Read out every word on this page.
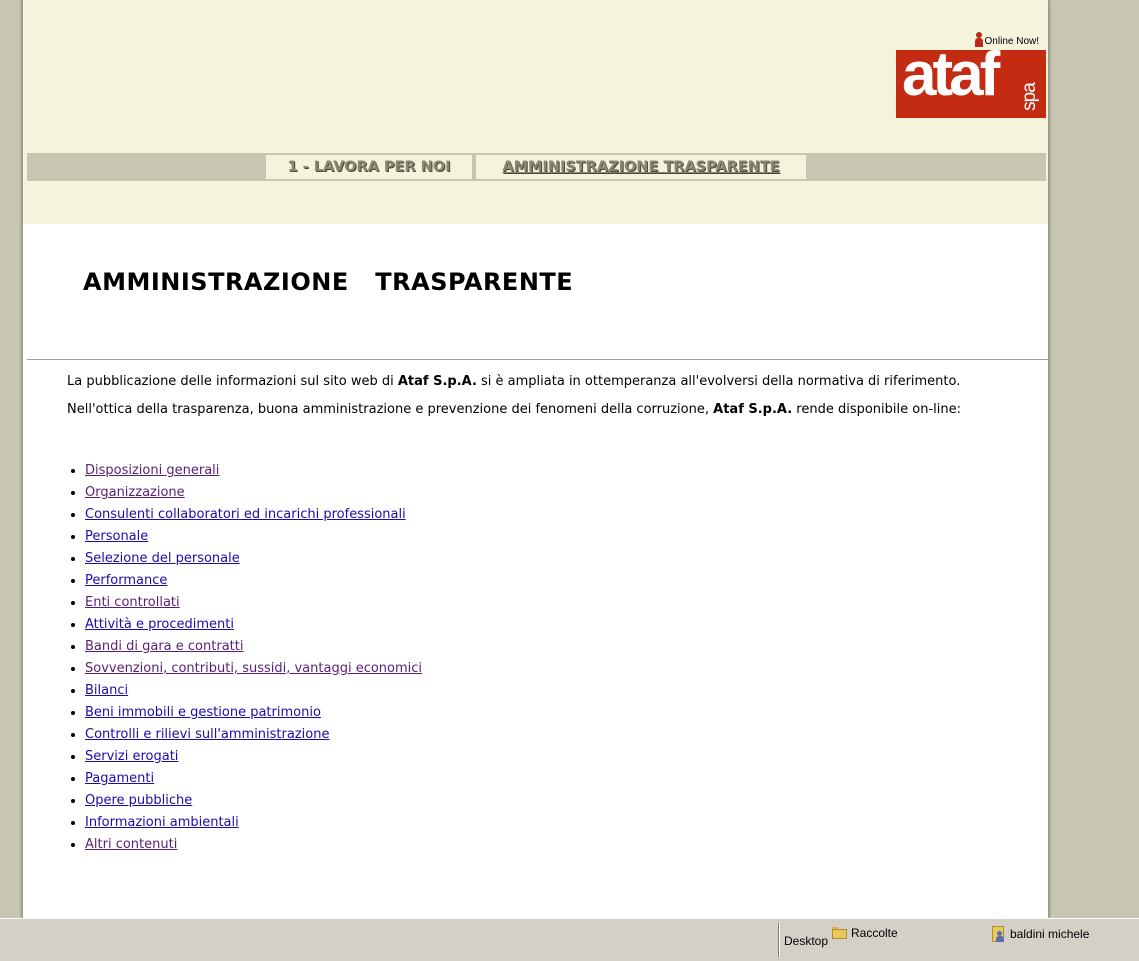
Online Now!
ataf spa
1 - LAVORA PER NOI	AMMINISTRAZIONE TRASPARENTE
AMMINISTRAZIONE   TRASPARENTE

La pubblicazione delle informazioni sul sito web di Ataf S.p.A. si è ampliata in ottemperanza all'evolversi della normativa di riferimento.

Nell'ottica della trasparenza, buona amministrazione e prevenzione dei fenomeni della corruzione, Ataf S.p.A. rende disponibile on-line:

• Disposizioni generali
• Organizzazione
• Consulenti collaboratori ed incarichi professionali
• Personale
• Selezione del personale
• Performance
• Enti controllati
• Attività e procedimenti
• Bandi di gara e contratti
• Sovvenzioni, contributi, sussidi, vantaggi economici
• Bilanci
• Beni immobili e gestione patrimonio
• Controlli e rilievi sull'amministrazione
• Servizi erogati
• Pagamenti
• Opere pubbliche
• Informazioni ambientali
• Altri contenuti
Desktop
Raccolte	baldini michele
